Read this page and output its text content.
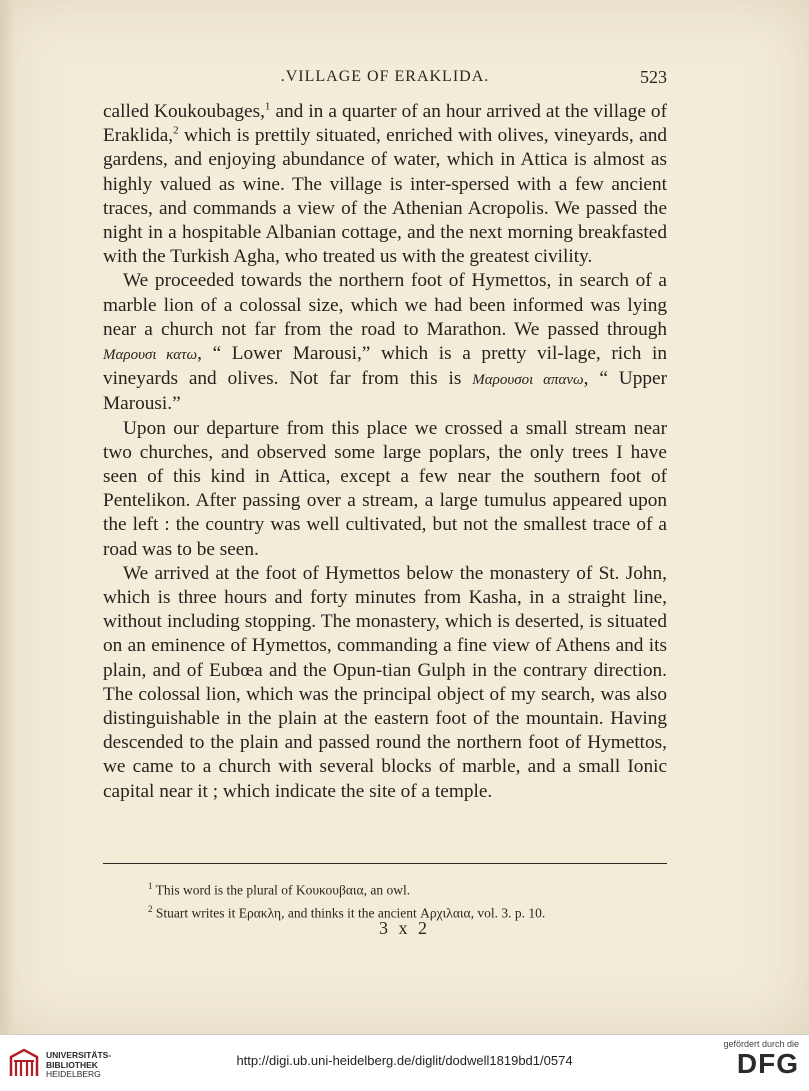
.VILLAGE OF ERAKLIDA.	523

called Koukoubages,$^1$ and in a quarter of an hour arrived at the village of Eraklida,$^2$ which is prettily situated, enriched with olives, vineyards, and gardens, and enjoying abundance of water, which in Attica is almost as highly valued as wine. The village is inter-spersed with a few ancient traces, and commands a view of the Athenian Acropolis. We passed the night in a hospitable Albanian cottage, and the next morning breakfasted with the Turkish Agha, who treated us with the greatest civility.

We proceeded towards the northern foot of Hymettos, in search of a marble lion of a colossal size, which we had been informed was lying near a church not far from the road to Marathon. We passed through Μαρουσι κατω, “ Lower Marousi,” which is a pretty vil-lage, rich in vineyards and olives. Not far from this is Μαρουσοι απανω, “ Upper Marousi.”

Upon our departure from this place we crossed a small stream near two churches, and observed some large poplars, the only trees I have seen of this kind in Attica, except a few near the southern foot of Pentelikon. After passing over a stream, a large tumulus appeared upon the left : the country was well cultivated, but not the smallest trace of a road was to be seen.

We arrived at the foot of Hymettos below the monastery of St. John, which is three hours and forty minutes from Kasha, in a straight line, without including stopping. The monastery, which is deserted, is situated on an eminence of Hymettos, commanding a fine view of Athens and its plain, and of Eubœa and the Opun-tian Gulph in the contrary direction. The colossal lion, which was the principal object of my search, was also distinguishable in the plain at the eastern foot of the mountain. Having descended to the plain and passed round the northern foot of Hymettos, we came to a church with several blocks of marble, and a small Ionic capital near it ; which indicate the site of a temple.

$^1$ This word is the plural of Κουκουβαια, an owl.
$^2$ Stuart writes it Ερακλη, and thinks it the ancient Αρχιλαια, vol. 3. p. 10.
3 x 2
UNIVERSITÄTS-
BIBLIOTHEK
HEIDELBERG
http://digi.ub.uni-heidelberg.de/diglit/dodwell1819bd1/0574
gefördert durch die
DFG
